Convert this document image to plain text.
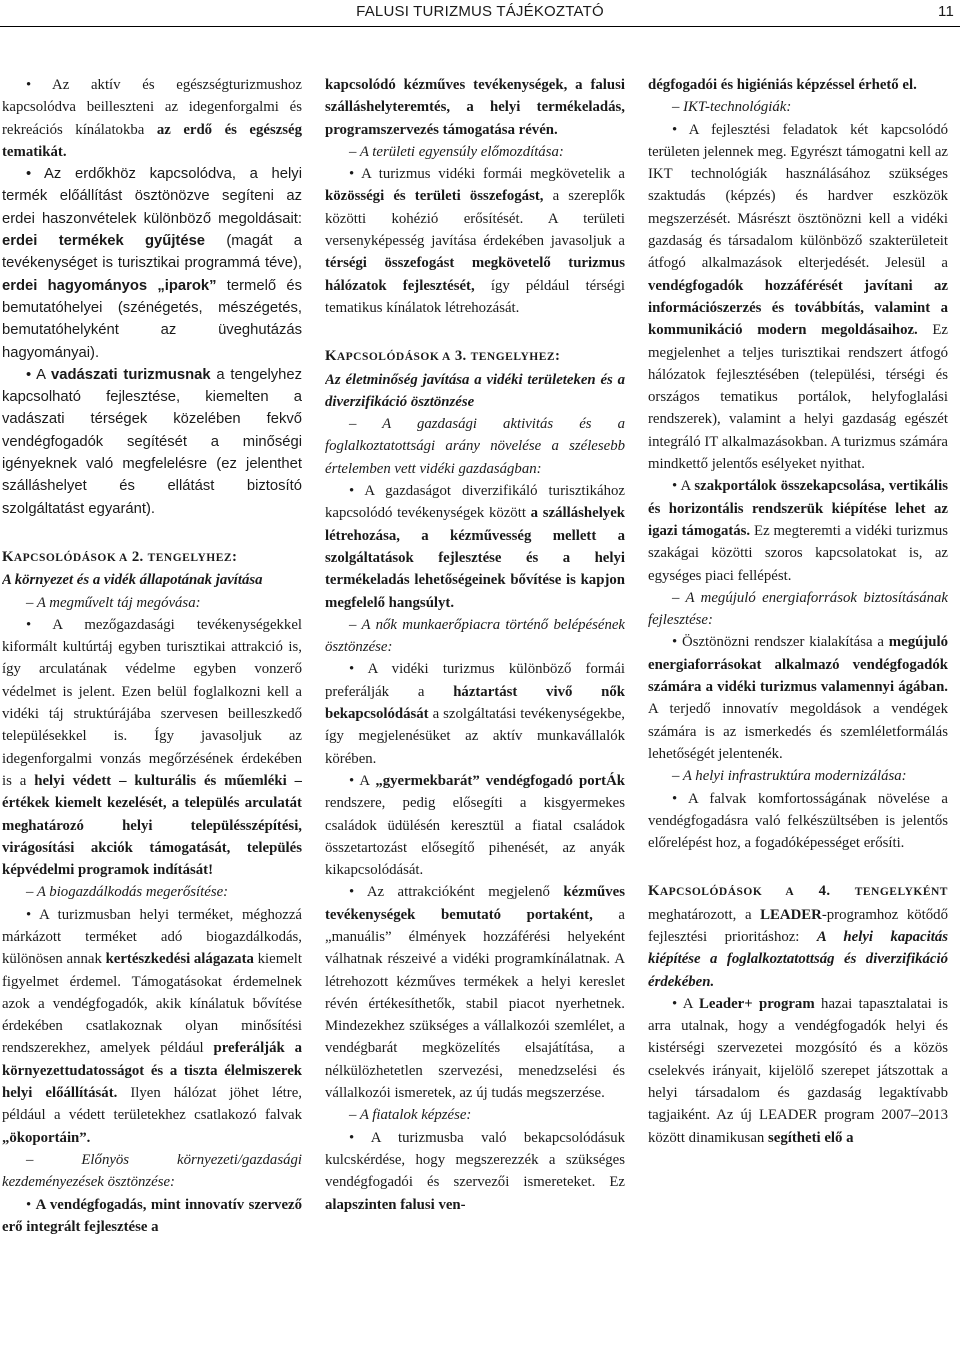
FALUSI TURIZMUS TÁJÉKOZTATÓ	11

• Az aktív és egészségturizmushoz kapcsolódva beilleszteni az idegenforgalmi és rekreációs kínálatokba az erdő és egészség tematikát.

• Az erdőkhöz kapcsolódva, a helyi termék előállítást ösztönözve segíteni az erdei haszonvételek különböző megoldásait: erdei termékek gyűjtése (magát a tevékenységet is turisztikai programmá téve), erdei hagyományos „iparok” termelő és bemutatóhelyei (szénégetés, mészégetés, bemutatóhelyként az üveghutázás hagyományai).

• A vadászati turizmusnak a tengelyhez kapcsolható fejlesztése, kiemelten a vadászati térségek közelében fekvő vendégfogadók segítését a minőségi igényeknek való megfelelésre (ez jelenthet szálláshelyet és ellátást biztosító szolgáltatást egyaránt).

KAPCSOLÓDÁSOK A 2. TENGELYHEZ:
A környezet és a vidék állapotának javítása

– A megművelt táj megóvása:

• A mezőgazdasági tevékenységekkel kiformált kultúrtáj egyben turisztikai attrakció is, így arculatának védelme egyben vonzerő védelmet is jelent. Ezen belül foglalkozni kell a vidéki táj struktúrájába szervesen beilleszkedő településekkel is. Így javasoljuk az idegenforgalmi vonzás megőrzésének érdekében is a helyi védett – kulturális és műemléki – értékek kiemelt kezelését, a település arculatát meghatározó helyi településszépítési, virágosítási akciók támogatását, település képvédelmi programok indítását!

– A biogazdálkodás megerősítése:

• A turizmusban helyi terméket, méghozzá márkázott terméket adó biogazdálkodás, különösen annak kertészkedési alágazata kiemelt figyelmet érdemel. Támogatásokat érdemelnek azok a vendégfogadók, akik kínálatuk bővítése érdekében csatlakoznak olyan minősítési rendszerekhez, amelyek például preferálják a környezettudatosságot és a tiszta élelmiszerek helyi előállítását. Ilyen hálózat jöhet létre, például a védett területekhez csatlakozó falvak „ökoportáin”.

– Előnyös környezeti/gazdasági kezdeményezések ösztönzése:

• A vendégfogadás, mint innovatív szervező erő integrált fejlesztése a

kapcsolódó kézműves tevékenységek, a falusi szálláshelyteremtés, a helyi termékeladás, programszervezés támogatása révén.

– A területi egyensúly előmozdítása:

• A turizmus vidéki formái megkövetelik a közösségi és területi összefogást, a szereplők közötti kohézió erősítését. A területi versenyképesség javítása érdekében javasoljuk a térségi összefogást megkövetelő turizmus hálózatok fejlesztését, így például térségi tematikus kínálatok létrehozását.

KAPCSOLÓDÁSOK A 3. TENGELYHEZ:
Az életminőség javítása a vidéki területeken és a diverzifikáció ösztönzése

– A gazdasági aktivitás és a foglalkoztatottsági arány növelése a szélesebb értelemben vett vidéki gazdaságban:

• A gazdaságot diverzifikáló turisztikához kapcsolódó tevékenységek között a szálláshelyek létrehozása, a kézművesség mellett a szolgáltatások fejlesztése és a helyi termékeladás lehetőségeinek bővítése is kapjon megfelelő hangsúlyt.

– A nők munkaerőpiacra történő belépésének ösztönzése:

• A vidéki turizmus különböző formái preferálják a háztartást vivő nők bekapcsolódását a szolgáltatási tevékenységekbe, így megjelenésüket az aktív munkavállalók körében.

• A „gyermekbarát” vendégfogadó portÁk rendszere, pedig elősegíti a kisgyermekes családok üdülésén keresztül a fiatal családok összetartozást elősegítő pihenését, az anyák kikapcsolódását.

• Az attrakcióként megjelenő kézműves tevékenységek bemutató portaként, a „manuális” élmények hozzáférési helyeként válhatnak részeivé a vidéki programkínálatnak. A létrehozott kézműves termékek a helyi kereslet révén értékesíthetők, stabil piacot nyerhetnek. Mindezekhez szükséges a vállalkozói szemlélet, a vendégbarát megközelítés elsajátítása, a nélkülözhetetlen szervezési, menedzselési és vállalkozói ismeretek, az új tudás megszerzése.

– A fiatalok képzése:

• A turizmusba való bekapcsolódásuk kulcskérdése, hogy megszerezzék a szükséges vendégfogadói és szervezői ismereteket. Ez alapszinten falusi ven-

dégfogadói és higiéniás képzéssel érhető el.

– IKT-technológiák:

• A fejlesztési feladatok két kapcsolódó területen jelennek meg. Egyrészt támogatni kell az IKT technológiák használásához szükséges szaktudás (képzés) és hardver eszközök megszerzését. Másrészt ösztönözni kell a vidéki gazdaság és társadalom különböző szakterületeit átfogó alkalmazások elterjedését. Jelesül a vendégfogadók hozzáférését javítani az információszerzés és továbbítás, valamint a kommunikáció modern megoldásaihoz. Ez megjelenhet a teljes turisztikai rendszert átfogó hálózatok fejlesztésében (települési, térségi és országos tematikus portálok, helyfoglalási rendszerek), valamint a helyi gazdaság egészét integráló IT alkalmazásokban. A turizmus számára mindkettő jelentős esélyeket nyithat.

• A szakportálok összekapcsolása, vertikális és horizontális rendszerük kiépítése lehet az igazi támogatás. Ez megteremti a vidéki turizmus szakágai közötti szoros kapcsolatokat is, az egységes piaci fellépést.

– A megújuló energiaforrások biztosításának fejlesztése:

• Ösztönözni rendszer kialakítása a megújuló energiaforrásokat alkalmazó vendégfogadók számára a vidéki turizmus valamennyi ágában. A terjedő innovatív megoldások a vendégek számára is az ismerkedés és szemléletformálás lehetőségét jelentenék.

– A helyi infrastruktúra modernizálása:

• A falvak komfortosságának növelése a vendégfogadásra való felkészültsében is jelentős előrelépést hoz, a fogadóképességet erősíti.

KAPCSOLÓDÁSOK A 4. TENGELYKÉNT meghatározott, a LEADER-programhoz kötődő fejlesztési prioritáshoz: A helyi kapacitás kiépítése a foglalkoztatottság és diverzifikáció érdekében.

• A Leader+ program hazai tapasztalatai is arra utalnak, hogy a vendégfogadók helyi és kistérségi szervezetei mozgósító és a közös cselekvés irányait, kijelölő szerepet játszottak a helyi társadalom és gazdaság legaktívabb tagjaiként. Az új LEADER program 2007–2013 között dinamikusan segítheti elő a
